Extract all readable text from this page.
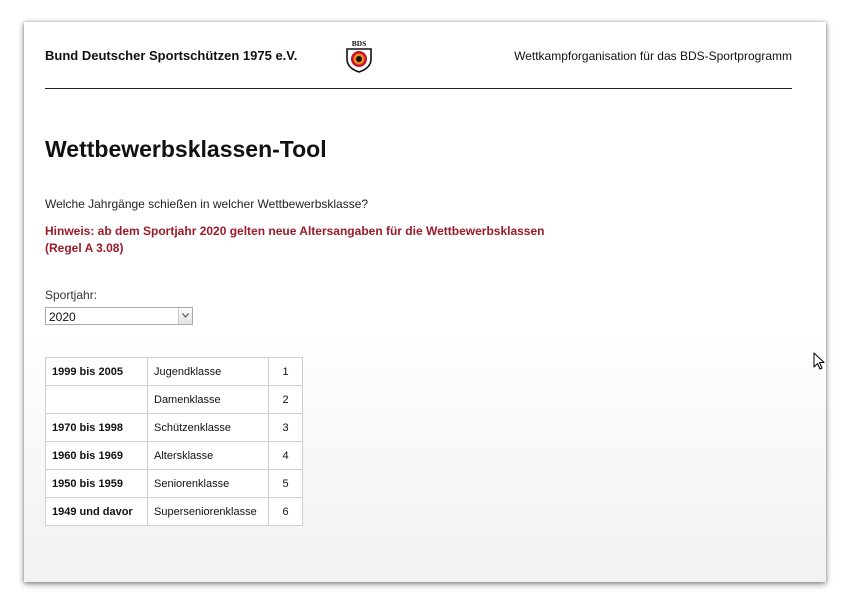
Bund Deutscher Sportschützen 1975 e.V.
BDS
Wettkampforganisation für das BDS-Sportprogramm
Wettbewerbsklassen-Tool
Welche Jahrgänge schießen in welcher Wettbewerbsklasse?
Hinweis: ab dem Sportjahr 2020 gelten neue Altersangaben für die Wettbewerbsklassen (Regel A 3.08)
Sportjahr:
2020
1999 bis 2005	Jugendklasse	1
	Damenklasse	2
1970 bis 1998	Schützenklasse	3
1960 bis 1969	Altersklasse	4
1950 bis 1959	Seniorenklasse	5
1949 und davor	Superseniorenklasse	6
